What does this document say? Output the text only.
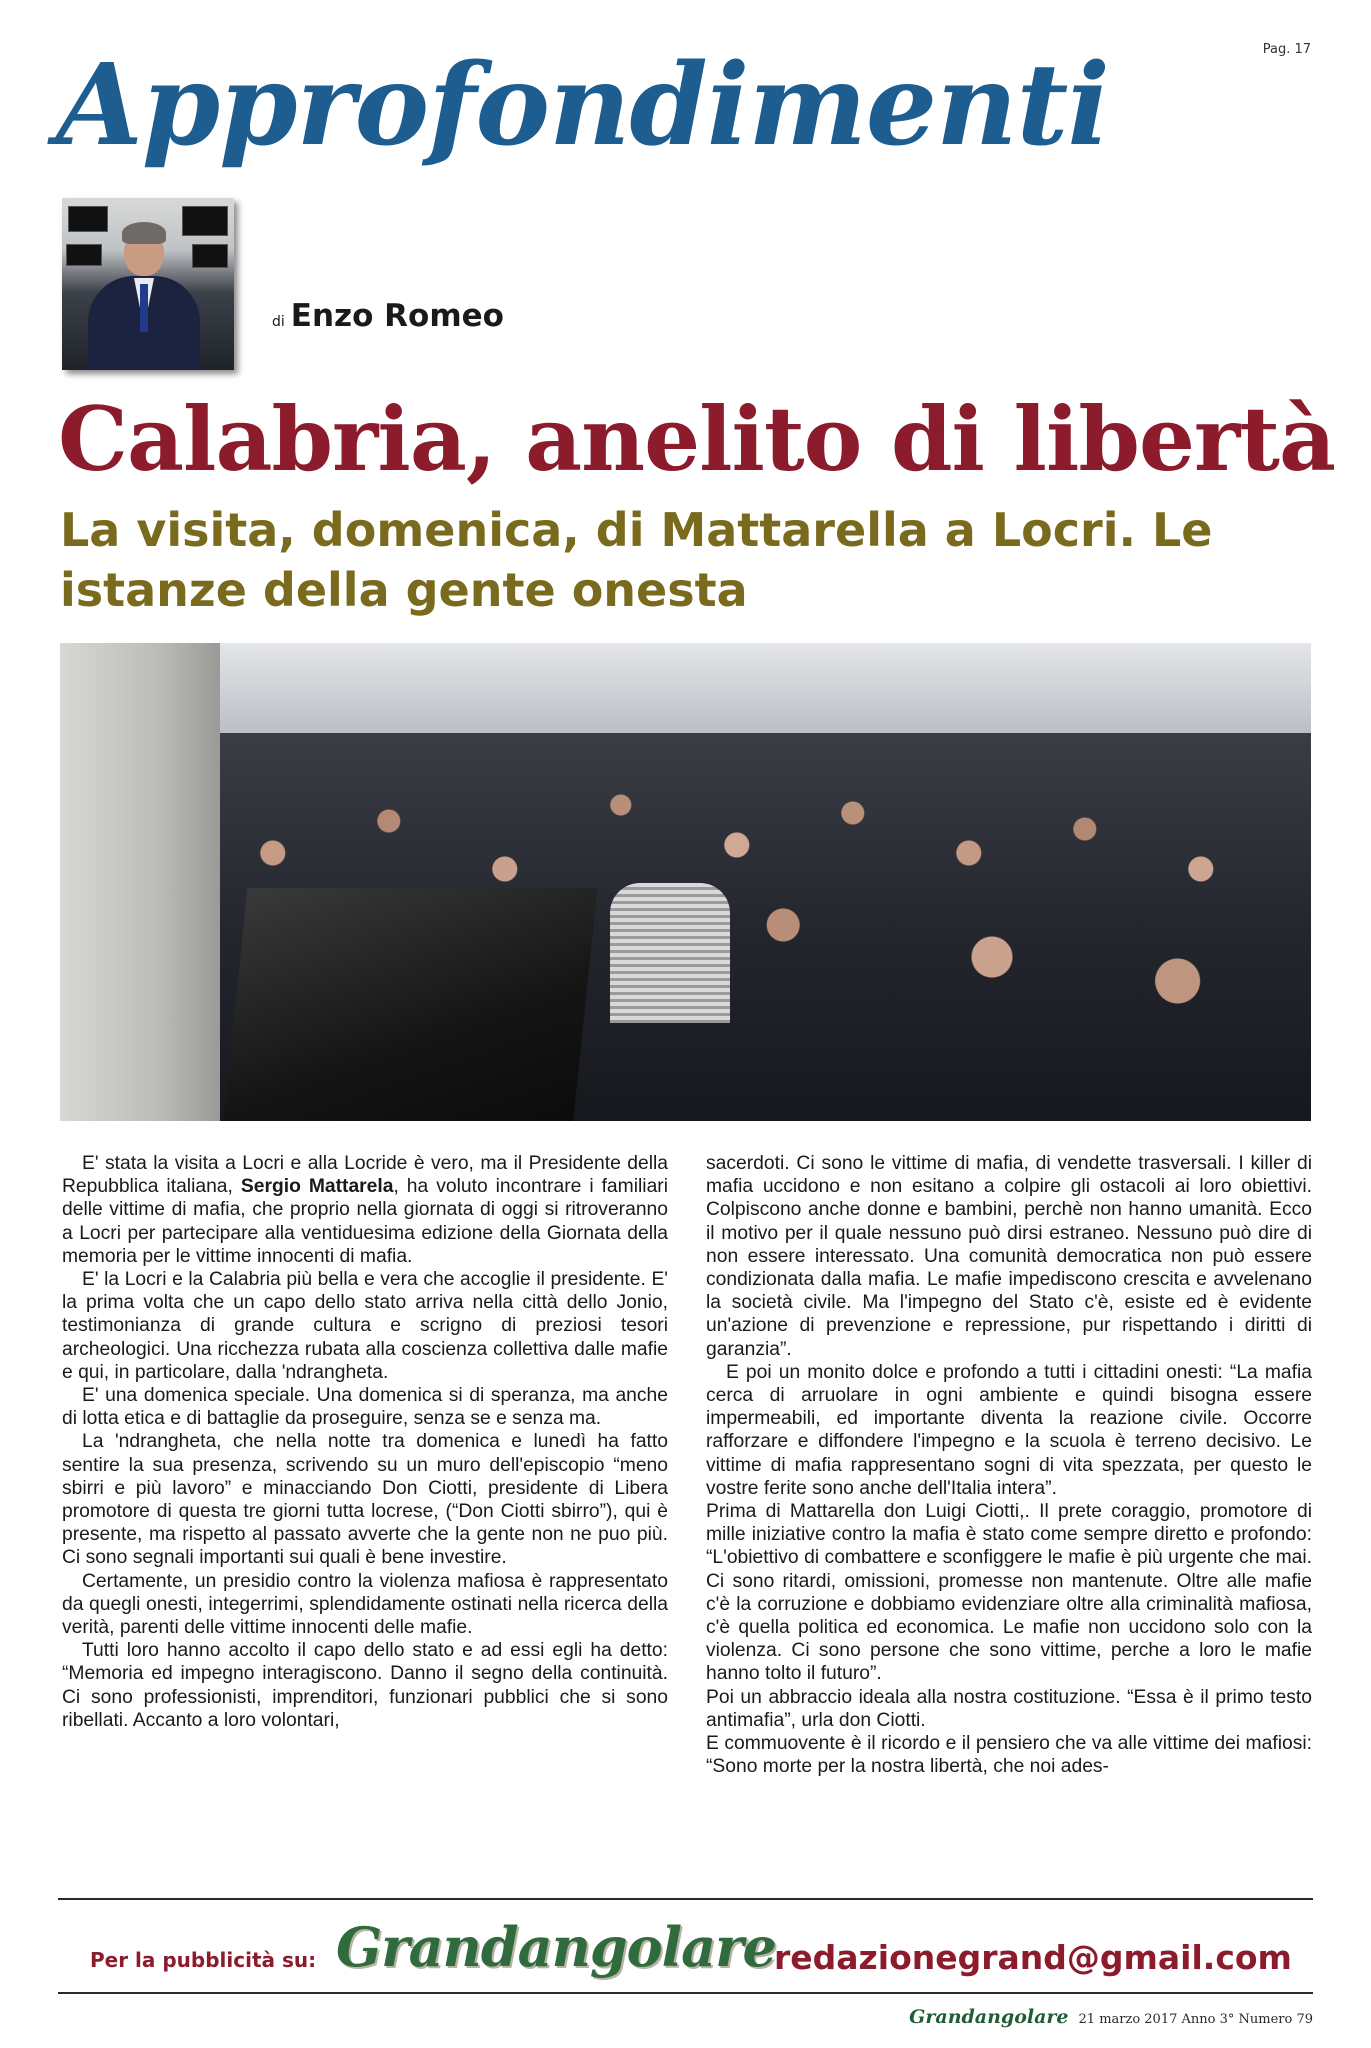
Pag. 17
Approfondimenti
di Enzo Romeo
Calabria, anelito di libertà
La visita, domenica, di Mattarella a Locri. Le istanze della gente onesta

E' stata la visita a Locri e alla Locride è vero, ma il Presidente della Repubblica italiana, Sergio Mattarela, ha voluto incontrare i familiari delle vittime di mafia, che proprio nella giornata di oggi si ritroveranno a Locri per partecipare alla ventiduesima edizione della Giornata della memoria per le vittime innocenti di mafia.

E' la Locri e la Calabria più bella e vera che accoglie il presidente. E' la prima volta che un capo dello stato arriva nella città dello Jonio, testimonianza di grande cultura e scrigno di preziosi tesori archeologici. Una ricchezza rubata alla coscienza collettiva dalle mafie e qui, in particolare, dalla 'ndrangheta.

E' una domenica speciale. Una domenica si di speranza, ma anche di lotta etica e di battaglie da proseguire, senza se e senza ma.

La 'ndrangheta, che nella notte tra domenica e lunedì ha fatto sentire la sua presenza, scrivendo su un muro dell'episcopio “meno sbirri e più lavoro” e minacciando Don Ciotti, presidente di Libera promotore di questa tre giorni tutta locrese, (“Don Ciotti sbirro”), qui è presente, ma rispetto al passato avverte che la gente non ne puo più. Ci sono segnali importanti sui quali è bene investire.

Certamente, un presidio contro la violenza mafiosa è rappresentato da quegli onesti, integerrimi, splendidamente ostinati nella ricerca della verità, parenti delle vittime innocenti delle mafie.

Tutti loro hanno accolto il capo dello stato e ad essi egli ha detto: “Memoria ed impegno interagiscono. Danno il segno della continuità. Ci sono professionisti, imprenditori, funzionari pubblici che si sono ribellati. Accanto a loro volontari,

sacerdoti. Ci sono le vittime di mafia, di vendette trasversali. I killer di mafia uccidono e non esitano a colpire gli ostacoli ai loro obiettivi. Colpiscono anche donne e bambini, perchè non hanno umanità. Ecco il motivo per il quale nessuno può dirsi estraneo. Nessuno può dire di non essere interessato. Una comunità democratica non può essere condizionata dalla mafia. Le mafie impediscono crescita e avvelenano la società civile. Ma l'impegno del Stato c'è, esiste ed è evidente un'azione di prevenzione e repressione, pur rispettando i diritti di garanzia”.

E poi un monito dolce e profondo a tutti i cittadini onesti: “La mafia cerca di arruolare in ogni ambiente e quindi bisogna essere impermeabili, ed importante diventa la reazione civile. Occorre rafforzare e diffondere l'impegno e la scuola è terreno decisivo. Le vittime di mafia rappresentano sogni di vita spezzata, per questo le vostre ferite sono anche dell'Italia intera”.

Prima di Mattarella don Luigi Ciotti,. Il prete coraggio, promotore di mille iniziative contro la mafia è stato come sempre diretto e profondo: “L'obiettivo di combattere e sconfiggere le mafie è più urgente che mai. Ci sono ritardi, omissioni, promesse non mantenute. Oltre alle mafie c'è la corruzione e dobbiamo evidenziare oltre alla criminalità mafiosa, c'è quella politica ed economica. Le mafie non uccidono solo con la violenza. Ci sono persone che sono vittime, perche a loro le mafie hanno tolto il futuro”.

Poi un abbraccio ideala alla nostra costituzione. “Essa è il primo testo antimafia”, urla don Ciotti.

E commuovente è il ricordo e il pensiero che va alle vittime dei mafiosi: “Sono morte per la nostra libertà, che noi ades-

Per la pubblicità su: Grandangolare
redazionegrand@gmail.com
Grandangolare 21 marzo 2017 Anno 3° Numero 79
